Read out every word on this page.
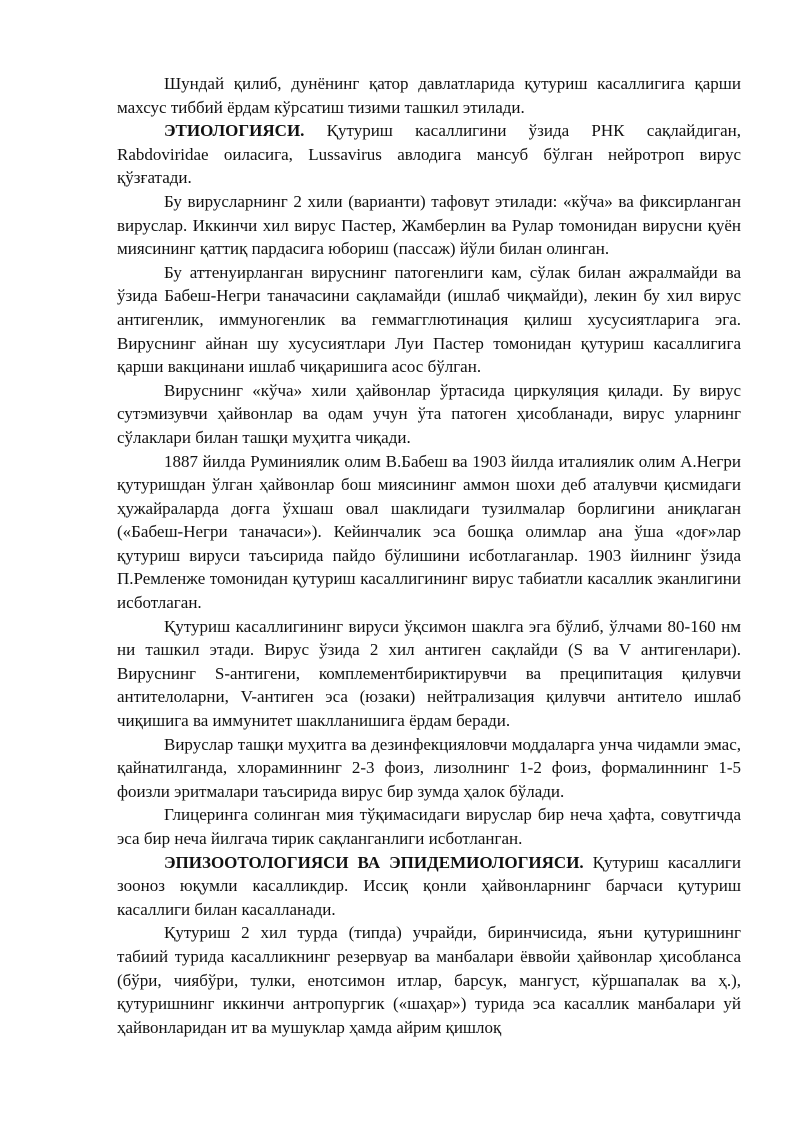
Шундай қилиб, дунёнинг қатор давлатларида қутуриш касаллигига қарши махсус тиббий ёрдам кўрсатиш тизими ташкил этилади.

ЭТИОЛОГИЯСИ. Қутуриш касаллигини ўзида РНК сақлайдиган, Rabdoviridae оиласига, Lussavirus авлодига мансуб бўлган нейротроп вирус қўзғатади.

Бу вирусларнинг 2 хили (варианти) тафовут этилади: «кўча» ва фиксирланган вируслар. Иккинчи хил вирус Пастер, Жамберлин ва Рулар томонидан вирусни қуён миясининг қаттиқ пардасига юбориш (пассаж) йўли билан олинган.

Бу аттенуирланган вируснинг патогенлиги кам, сўлак билан ажралмайди ва ўзида Бабеш-Негри таначасини сақламайди (ишлаб чиқмайди), лекин бу хил вирус антигенлик, иммуногенлик ва геммагглютинация қилиш хусусиятларига эга. Вируснинг айнан шу хусусиятлари Луи Пастер томонидан қутуриш касаллигига қарши вакцинани ишлаб чиқаришига асос бўлган.

Вируснинг «кўча» хили ҳайвонлар ўртасида циркуляция қилади. Бу вирус сутэмизувчи ҳайвонлар ва одам учун ўта патоген ҳисобланади, вирус уларнинг сўлаклари билан ташқи муҳитга чиқади.

1887 йилда Руминиялик олим В.Бабеш ва 1903 йилда италиялик олим А.Негри қутуришдан ўлган ҳайвонлар бош миясининг аммон шохи деб аталувчи қисмидаги ҳужайраларда доғга ўхшаш овал шаклидаги тузилмалар борлигини аниқлаган («Бабеш-Негри таначаси»). Кейинчалик эса бошқа олимлар ана ўша «доғ»лар қутуриш вируси таъсирида пайдо бўлишини исботлаганлар. 1903 йилнинг ўзида П.Ремленже томонидан қутуриш касаллигининг вирус табиатли касаллик эканлигини исботлаган.

Қутуриш касаллигининг вируси ўқсимон шаклга эга бўлиб, ўлчами 80-160 нм ни ташкил этади. Вирус ўзида 2 хил антиген сақлайди (S ва V антигенлари). Вируснинг S-антигени, комплементбириктирувчи ва преципитация қилувчи антителоларни, V-антиген эса (юзаки) нейтрализация қилувчи антитело ишлаб чиқишига ва иммунитет шаклланишига ёрдам беради.

Вируслар ташқи муҳитга ва дезинфекцияловчи моддаларга унча чидамли эмас, қайнатилганда, хлораминнинг 2-3 фоиз, лизолнинг 1-2 фоиз, формалиннинг 1-5 фоизли эритмалари таъсирида вирус бир зумда ҳалок бўлади.

Глицеринга солинган мия тўқимасидаги вируслар бир неча ҳафта, совутгичда эса бир неча йилгача тирик сақланганлиги исботланган.

ЭПИЗООТОЛОГИЯСИ ВА ЭПИДЕМИОЛОГИЯСИ. Қутуриш касаллиги зооноз юқумли касалликдир. Иссиқ қонли ҳайвонларнинг барчаси қутуриш касаллиги билан касалланади.

Қутуриш 2 хил турда (типда) учрайди, биринчисида, яъни қутуришнинг табиий турида касалликнинг резервуар ва манбалари ёввойи ҳайвонлар ҳисобланса (бўри, чиябўри, тулки, енотсимон итлар, барсук, мангуст, кўршапалак ва ҳ.), қутуришнинг иккинчи антропургик («шаҳар») турида эса касаллик манбалари уй ҳайвонларидан ит ва мушуклар ҳамда айрим қишлоқ
